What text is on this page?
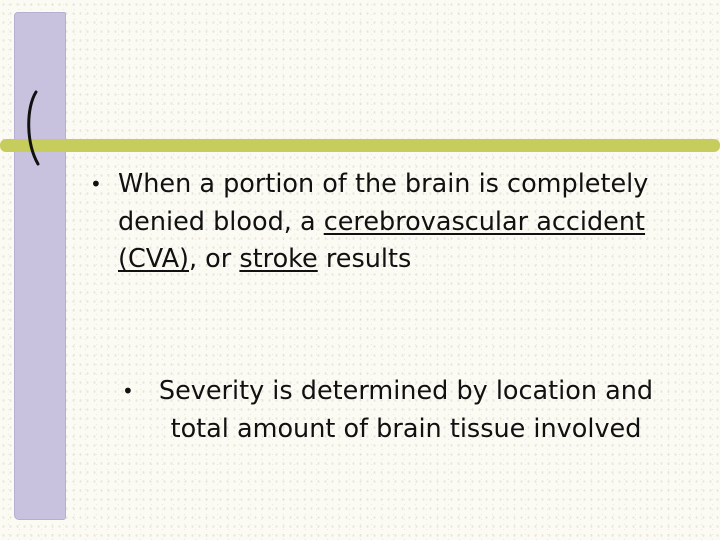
• When a portion of the brain is completely denied blood, a cerebrovascular accident (CVA), or stroke results
• Severity is determined by location and total amount of brain tissue involved
